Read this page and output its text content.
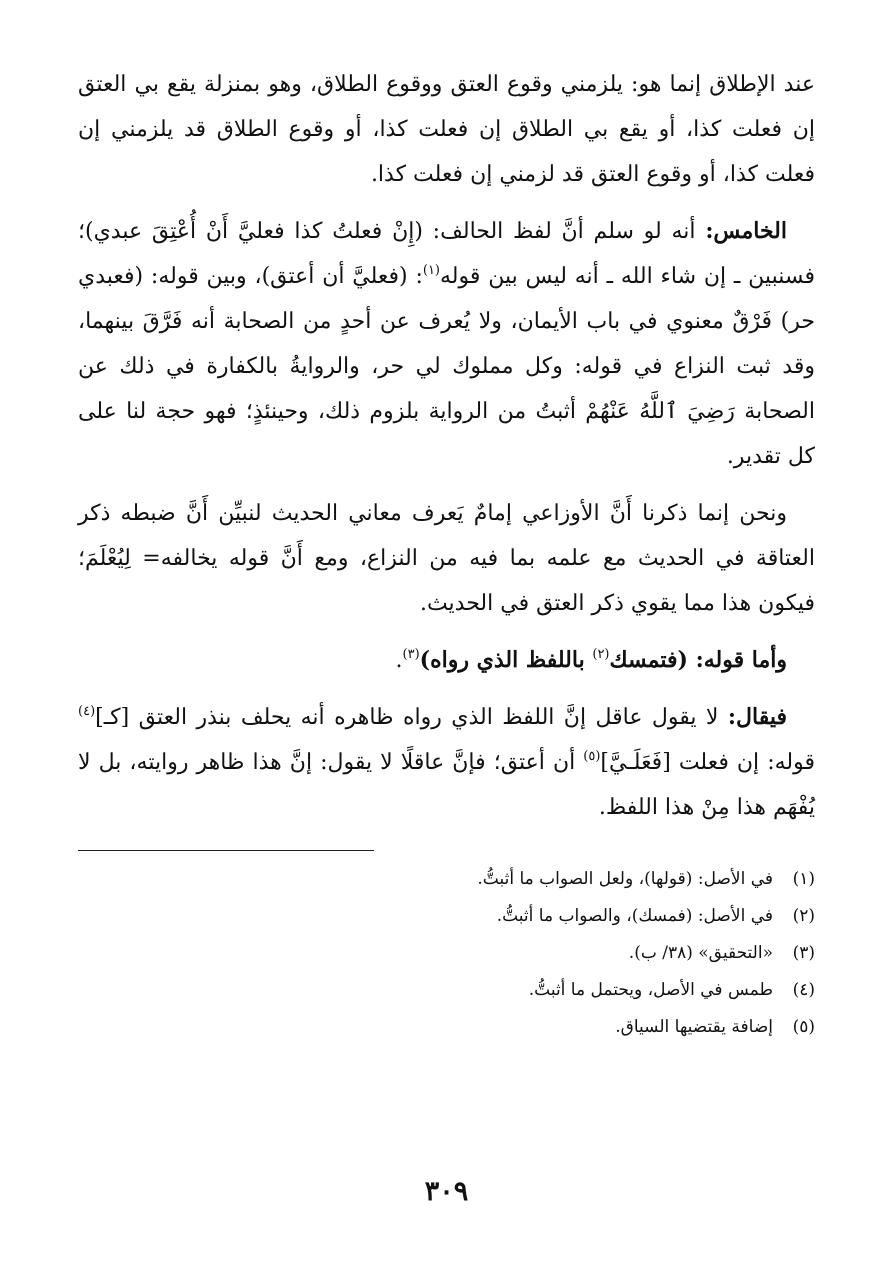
عند الإطلاق إنما هو: يلزمني وقوع العتق ووقوع الطلاق، وهو بمنزلة يقع بي العتق إن فعلت كذا، أو يقع بي الطلاق إن فعلت كذا، أو وقوع الطلاق قد يلزمني إن فعلت كذا، أو وقوع العتق قد لزمني إن فعلت كذا.

الخامس: أنه لو سلم أنَّ لفظ الحالف: (إِنْ فعلتُ كذا فعليَّ أَنْ أُعْتِقَ عبدي)؛ فسنبين ـ إن شاء الله ـ أنه ليس بين قوله$^{(١)}$: (فعليَّ أن أعتق)، وبين قوله: (فعبدي حر) فَرْقٌ معنوي في باب الأيمان، ولا يُعرف عن أحدٍ من الصحابة أنه فَرَّقَ بينهما، وقد ثبت النزاع في قوله: وكل مملوك لي حر، والروايةُ بالكفارة في ذلك عن الصحابة رَضِيَ ٱللَّهُ عَنْهُمْ أثبتُ من الرواية بلزوم ذلك، وحينئذٍ؛ فهو حجة لنا على كل تقدير.

ونحن إنما ذكرنا أَنَّ الأوزاعي إمامٌ يَعرف معاني الحديث لنبيِّن أَنَّ ضبطه ذكر العتاقة في الحديث مع علمه بما فيه من النزاع، ومع أَنَّ قوله يخالفه= لِيُعْلَمَ؛ فيكون هذا مما يقوي ذكر العتق في الحديث.

وأما قوله: (فتمسك$^{(٢)}$ باللفظ الذي رواه)$^{(٣)}$.

فيقال: لا يقول عاقل إنَّ اللفظ الذي رواه ظاهره أنه يحلف بنذر العتق [كـ]$^{(٤)}$ قوله: إن فعلت [فَعَلَـيَّ]$^{(٥)}$ أن أعتق؛ فإنَّ عاقلًا لا يقول: إنَّ هذا ظاهر روايته، بل لا يُفْهَم هذا مِنْ هذا اللفظ.

(١)
في الأصل: (قولها)، ولعل الصواب ما أثبتُّ.
(٢)
في الأصل: (فمسك)، والصواب ما أثبتُّ.
(٣)
«التحقيق» (٣٨/ ب).
(٤)
طمس في الأصل، ويحتمل ما أثبتُّ.
(٥)
إضافة يقتضيها السياق.
٣٠٩
